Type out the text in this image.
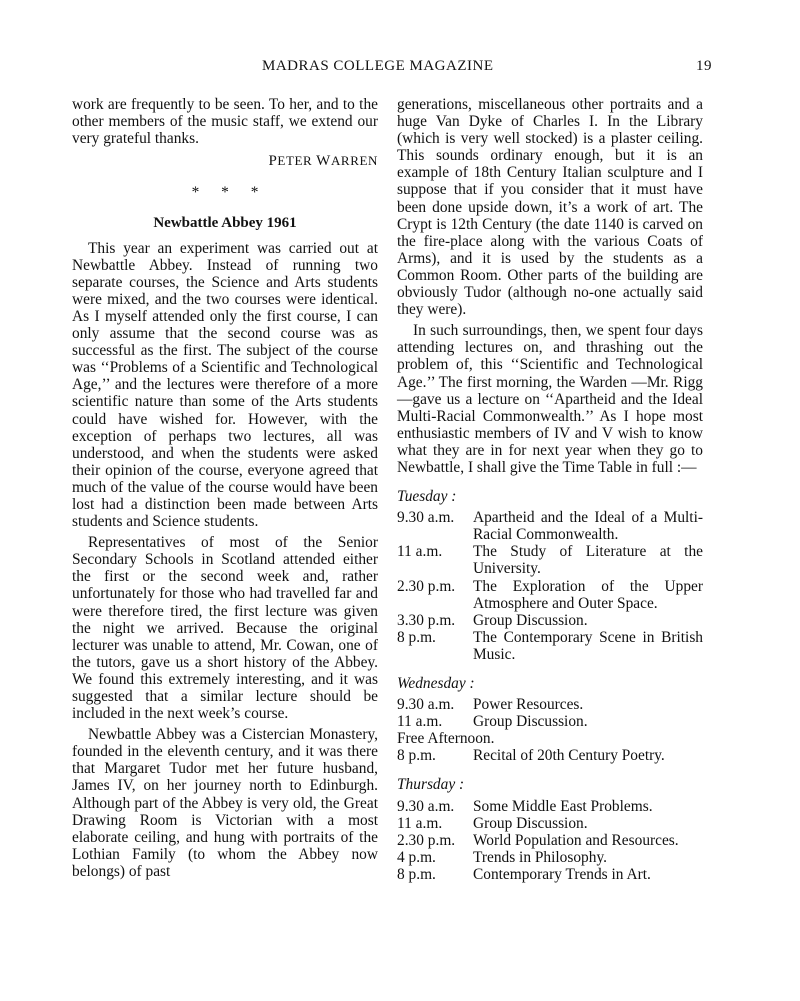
MADRAS COLLEGE MAGAZINE	19

work are frequently to be seen. To her, and to the other members of the music staff, we extend our very grateful thanks.

PETER WARREN
* * *
Newbattle Abbey 1961

This year an experiment was carried out at Newbattle Abbey. Instead of running two separate courses, the Science and Arts students were mixed, and the two courses were identical. As I myself attended only the first course, I can only assume that the second course was as successful as the first. The subject of the course was ‘‘Problems of a Scientific and Technological Age,’’ and the lectures were therefore of a more scientific nature than some of the Arts students could have wished for. However, with the exception of perhaps two lectures, all was understood, and when the students were asked their opinion of the course, everyone agreed that much of the value of the course would have been lost had a distinction been made between Arts students and Science students.

Representatives of most of the Senior Secondary Schools in Scotland attended either the first or the second week and, rather unfortunately for those who had travelled far and were therefore tired, the first lecture was given the night we arrived. Because the original lecturer was unable to attend, Mr. Cowan, one of the tutors, gave us a short history of the Abbey. We found this extremely interesting, and it was suggested that a similar lecture should be included in the next week’s course.

Newbattle Abbey was a Cistercian Monastery, founded in the eleventh century, and it was there that Margaret Tudor met her future husband, James IV, on her journey north to Edinburgh. Although part of the Abbey is very old, the Great Drawing Room is Victorian with a most elaborate ceiling, and hung with portraits of the Lothian Family (to whom the Abbey now belongs) of past

generations, miscellaneous other portraits and a huge Van Dyke of Charles I. In the Library (which is very well stocked) is a plaster ceiling. This sounds ordinary enough, but it is an example of 18th Century Italian sculpture and I suppose that if you consider that it must have been done upside down, it’s a work of art. The Crypt is 12th Century (the date 1140 is carved on the fire-place along with the various Coats of Arms), and it is used by the students as a Common Room. Other parts of the building are obviously Tudor (although no-one actually said they were).

In such surroundings, then, we spent four days attending lectures on, and thrashing out the problem of, this ‘‘Scientific and Technological Age.’’ The first morning, the Warden —Mr. Rigg—gave us a lecture on ‘‘Apartheid and the Ideal Multi-Racial Commonwealth.’’ As I hope most enthusiastic members of IV and V wish to know what they are in for next year when they go to Newbattle, I shall give the Time Table in full :—

Tuesday :
9.30 a.m.	Apartheid and the Ideal of a Multi-Racial Commonwealth.
11 a.m.	The Study of Literature at the University.
2.30 p.m.	The Exploration of the Upper Atmosphere and Outer Space.
3.30 p.m.	Group Discussion.
8 p.m.	The Contemporary Scene in British Music.
Wednesday :
9.30 a.m.	Power Resources.
11 a.m.	Group Discussion.
Free Afternoon.
8 p.m.	Recital of 20th Century Poetry.
Thursday :
9.30 a.m.	Some Middle East Problems.
11 a.m.	Group Discussion.
2.30 p.m.	World Population and Resources.
4 p.m.	Trends in Philosophy.
8 p.m.	Contemporary Trends in Art.
